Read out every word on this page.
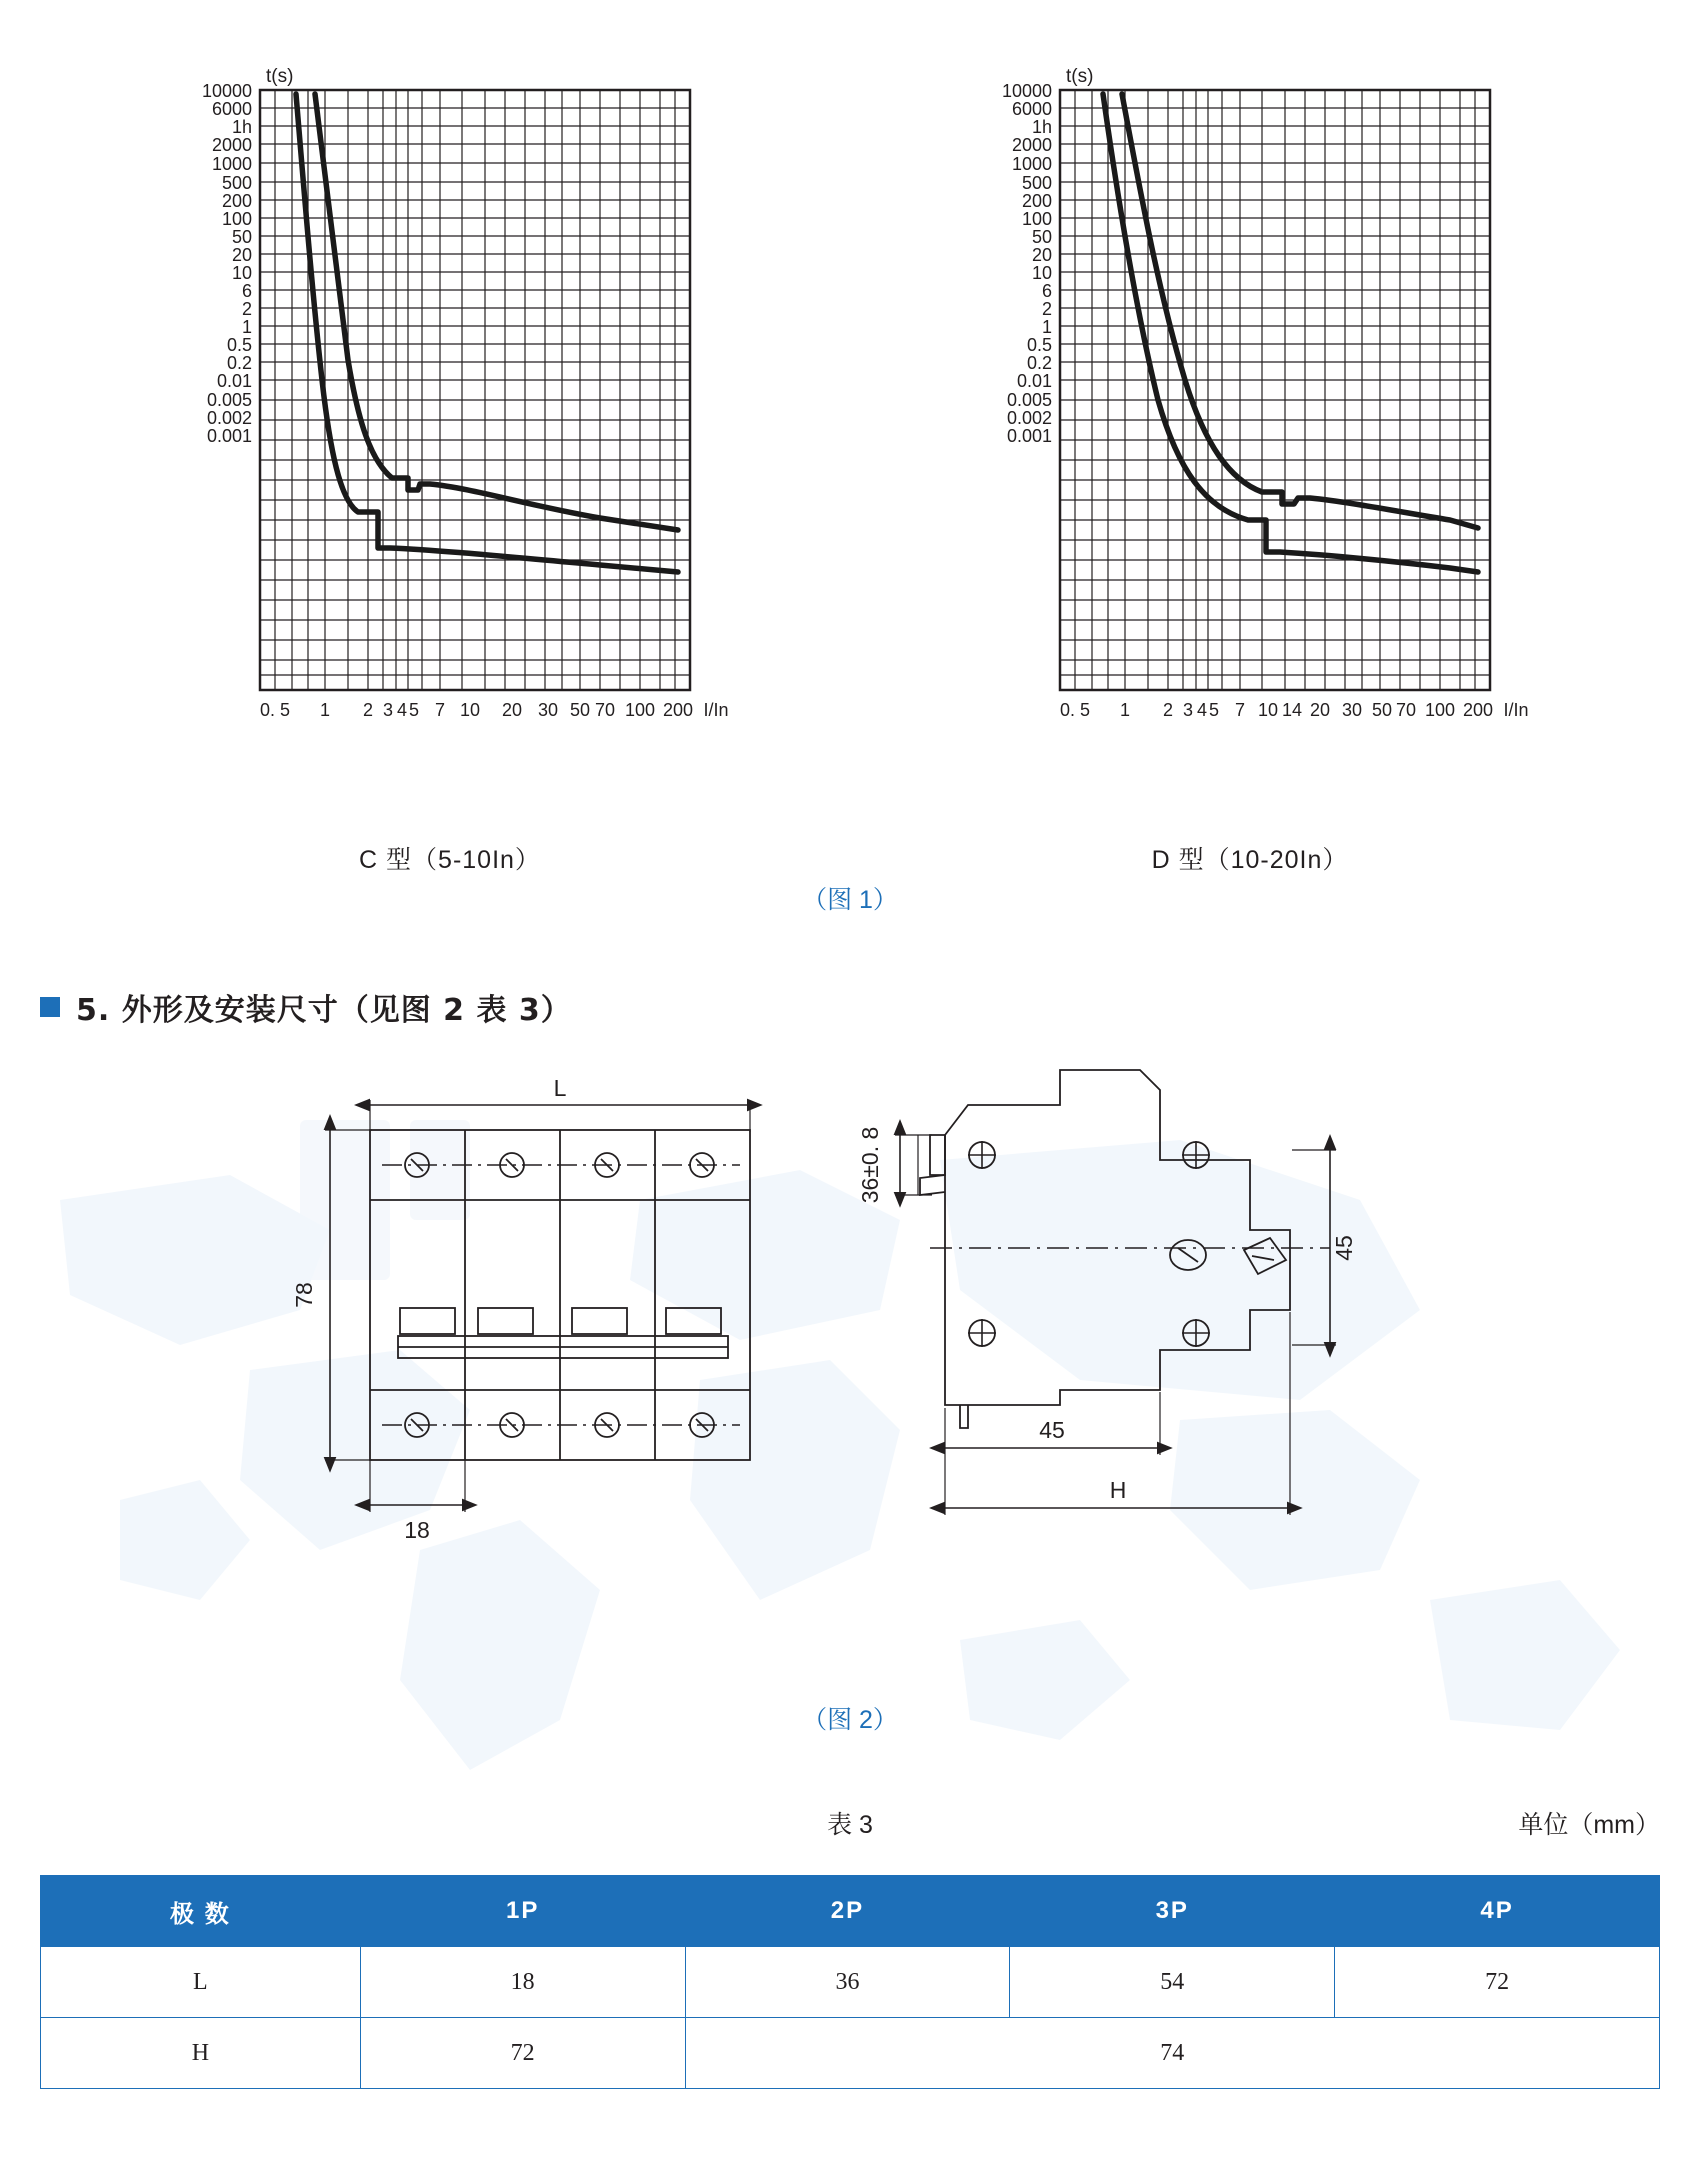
t(s)
10000
6000
1h
2000
1000
500
200
100
50
20
10
6
2
1
0.5
0.2
0.01
0.005
0.002
0.001
0. 5 1 2 3 4 5 7 10 20 30 50 70 100 200 I/In
C 型（5-10In）
t(s)
10000
6000
1h
2000
1000
500
200
100
50
20
10
6
2
1
0.5
0.2
0.01
0.005
0.002
0.001
0. 5 1 2 3 4 5 7 10 14 20 30 50 70 100 200 I/In
D 型（10-20In）
（图 1）
5. 外形及安装尺寸（见图 2 表 3）
L
78
18
36±0. 8
45
45
H
（图 2）
表 3	单位（mm）
极 数	1P	2P	3P	4P
L	18	36	54	72
H	72	74		
